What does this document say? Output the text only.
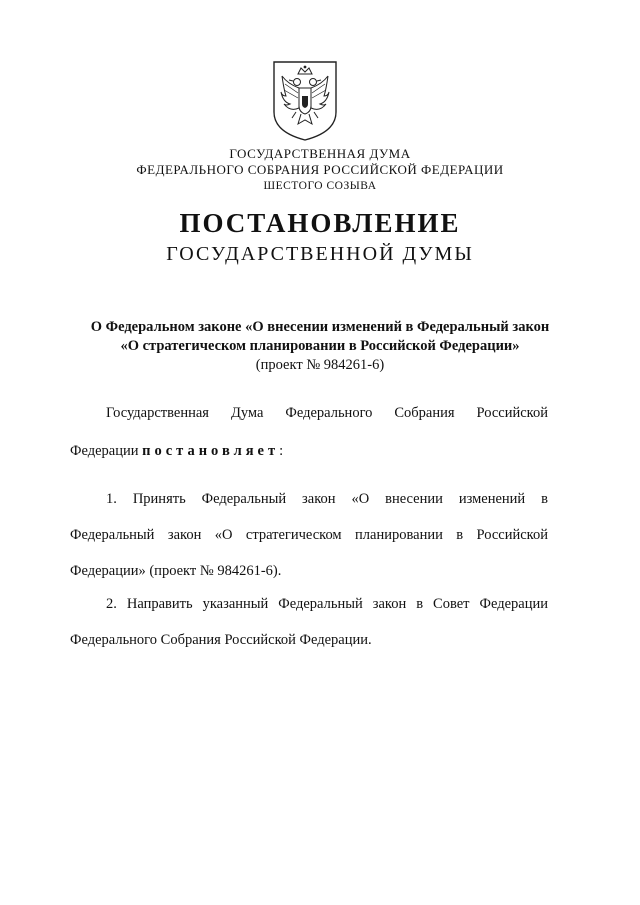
ГОСУДАРСТВЕННАЯ ДУМА
ФЕДЕРАЛЬНОГО СОБРАНИЯ РОССИЙСКОЙ ФЕДЕРАЦИИ
ШЕСТОГО СОЗЫВА
ПОСТАНОВЛЕНИЕ
ГОСУДАРСТВЕННОЙ ДУМЫ
О Федеральном законе «О внесении изменений в Федеральный закон
«О стратегическом планировании в Российской Федерации»
(проект № 984261-6)
Государственная Дума Федерального Собрания Российской
Федерации постановляет:
1. Принять Федеральный закон «О внесении изменений в
Федеральный закон «О стратегическом планировании в Российской
Федерации» (проект № 984261-6).
2. Направить указанный Федеральный закон в Совет Федерации
Федерального Собрания Российской Федерации.
